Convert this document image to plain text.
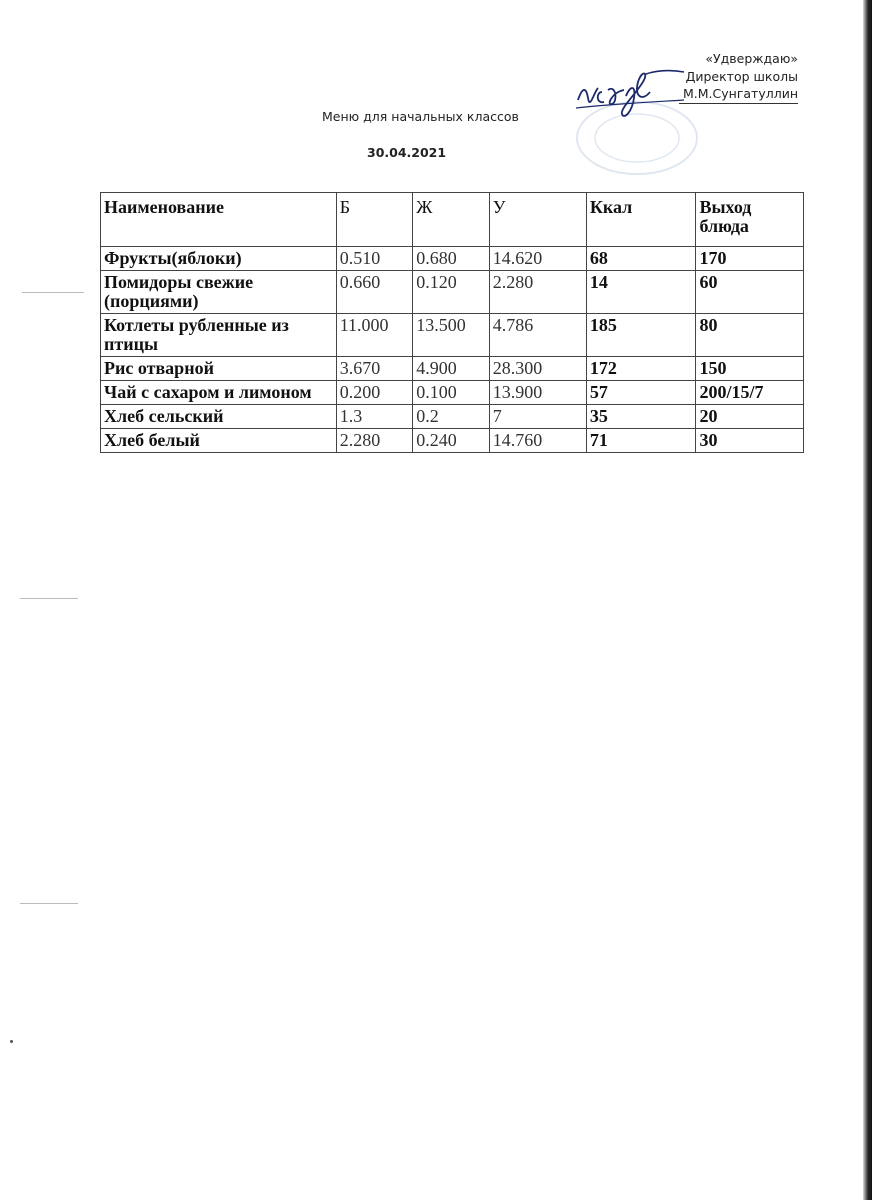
«Удверждаю»
Директор школы
М.М.Сунгатуллин
Меню для начальных классов
30.04.2021
Наименование	Б	Ж	У	Ккал	Выход блюда
Фрукты(яблоки)	0.510	0.680	14.620	68	170
Помидоры свежие (порциями)	0.660	0.120	2.280	14	60
Котлеты рубленные из птицы	11.000	13.500	4.786	185	80
Рис отварной	3.670	4.900	28.300	172	150
Чай с сахаром и лимоном	0.200	0.100	13.900	57	200/15/7
Хлеб сельский	1.3	0.2	7	35	20
Хлеб белый	2.280	0.240	14.760	71	30
